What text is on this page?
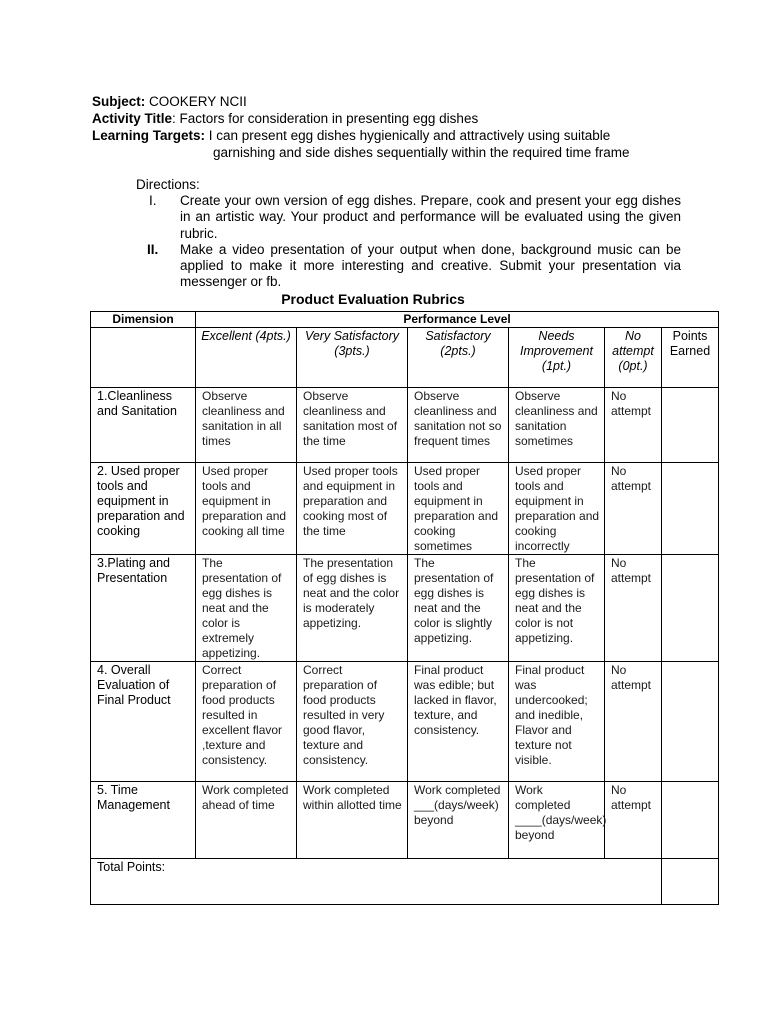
Subject: COOKERY NCII
Activity Title: Factors for consideration in presenting egg dishes
Learning Targets: I can present egg dishes hygienically and attractively using suitable
garnishing and side dishes sequentially within the required time frame
Directions:
I.	Create your own version of egg dishes. Prepare, cook and present your egg dishes in an artistic way. Your product and performance will be evaluated using the given rubric.
II.	Make a video presentation of your output when done, background music can be applied to make it more interesting and creative. Submit your presentation via messenger or fb.
Product Evaluation Rubrics
Dimension	Performance Level					
	Excellent (4pts.)	Very Satisfactory (3pts.)	Satisfactory (2pts.)	Needs Improvement (1pt.)	No attempt (0pt.)	Points Earned
1.Cleanliness and Sanitation	Observe cleanliness and sanitation in all times	Observe cleanliness and sanitation most of the time	Observe cleanliness and sanitation not so frequent times	Observe cleanliness and sanitation sometimes	No attempt	
2. Used proper tools and equipment in preparation and cooking	Used proper tools and equipment in preparation and cooking all time	Used proper tools and equipment in preparation and cooking most of the time	Used proper tools and equipment in preparation and cooking sometimes	Used proper tools and equipment in preparation and cooking incorrectly	No attempt	
3.Plating and Presentation	The presentation of egg dishes is neat and the color is extremely appetizing.	The presentation of egg dishes is neat and the color is moderately appetizing.	The presentation of egg dishes is neat and the color is slightly appetizing.	The presentation of egg dishes is neat and the color is not appetizing.	No attempt	
4. Overall Evaluation of Final Product	Correct preparation of food products resulted in excellent flavor ,texture and consistency.	Correct preparation of food products resulted in very good flavor, texture and consistency.	Final product was edible; but lacked in flavor, texture, and consistency.	Final product was undercooked; and inedible, Flavor and texture not visible.	No attempt	
5. Time Management	Work completed ahead of time	Work completed within allotted time	Work completed ___(days/week) beyond	Work completed ____(days/week) beyond	No attempt	
Total Points:						
